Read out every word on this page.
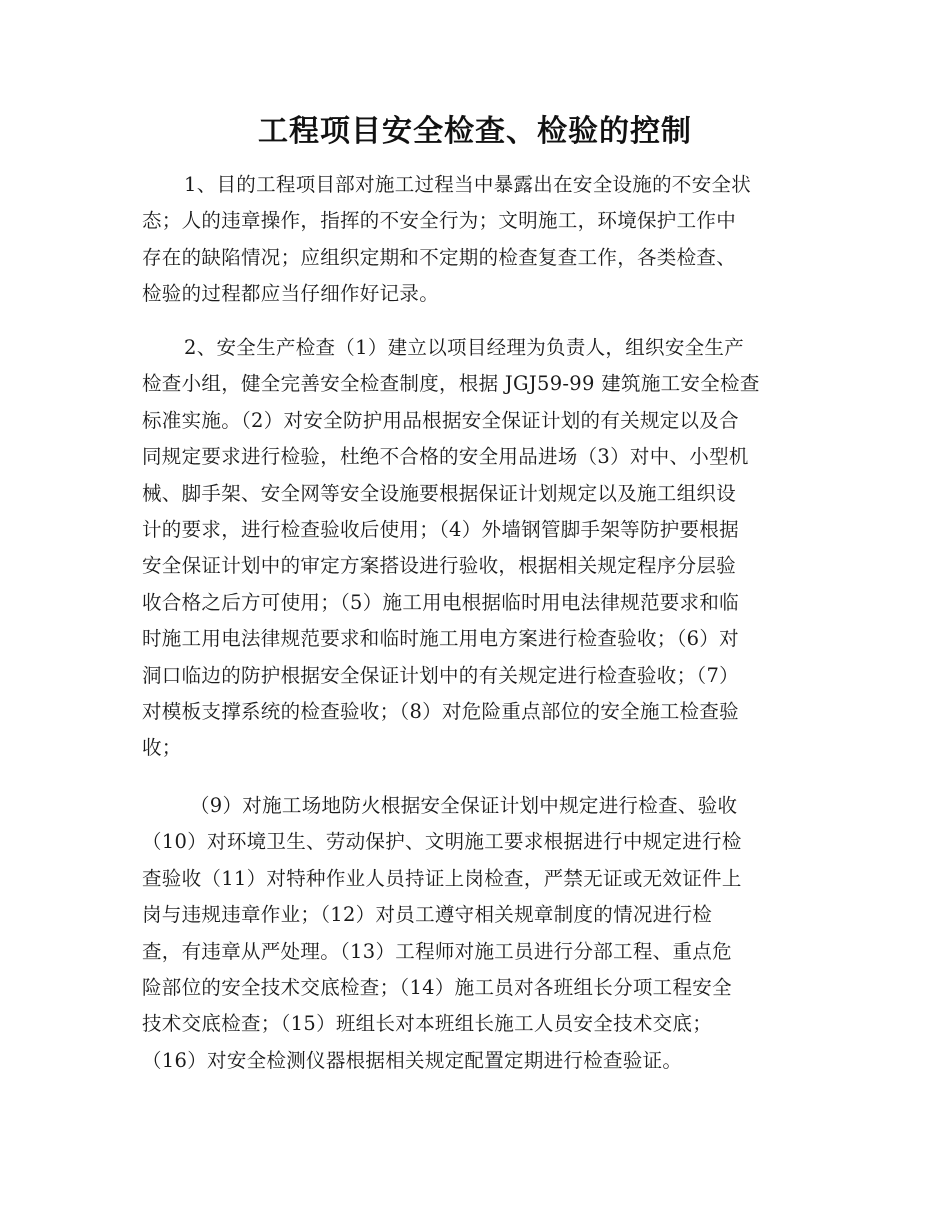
工程项目安全检查、检验的控制
1、目的工程项目部对施工过程当中暴露出在安全设施的不安全状
态；人的违章操作，指挥的不安全行为；文明施工，环境保护工作中
存在的缺陷情况；应组织定期和不定期的检查复查工作，各类检查、
检验的过程都应当仔细作好记录。
2、安全生产检查（1）建立以项目经理为负责人，组织安全生产
检查小组，健全完善安全检查制度，根据 JGJ59-99 建筑施工安全检查
标准实施。（2）对安全防护用品根据安全保证计划的有关规定以及合
同规定要求进行检验，杜绝不合格的安全用品进场（3）对中、小型机
械、脚手架、安全网等安全设施要根据保证计划规定以及施工组织设
计的要求，进行检查验收后使用；（4）外墙钢管脚手架等防护要根据
安全保证计划中的审定方案搭设进行验收，根据相关规定程序分层验
收合格之后方可使用；（5）施工用电根据临时用电法律规范要求和临
时施工用电法律规范要求和临时施工用电方案进行检查验收；（6）对
洞口临边的防护根据安全保证计划中的有关规定进行检查验收；（7）
对模板支撑系统的检查验收；（8）对危险重点部位的安全施工检查验
收；
（9）对施工场地防火根据安全保证计划中规定进行检查、验收
（10）对环境卫生、劳动保护、文明施工要求根据进行中规定进行检
查验收（11）对特种作业人员持证上岗检查，严禁无证或无效证件上
岗与违规违章作业；（12）对员工遵守相关规章制度的情况进行检
查，有违章从严处理。（13）工程师对施工员进行分部工程、重点危
险部位的安全技术交底检查；（14）施工员对各班组长分项工程安全
技术交底检查；（15）班组长对本班组长施工人员安全技术交底；
（16）对安全检测仪器根据相关规定配置定期进行检查验证。
